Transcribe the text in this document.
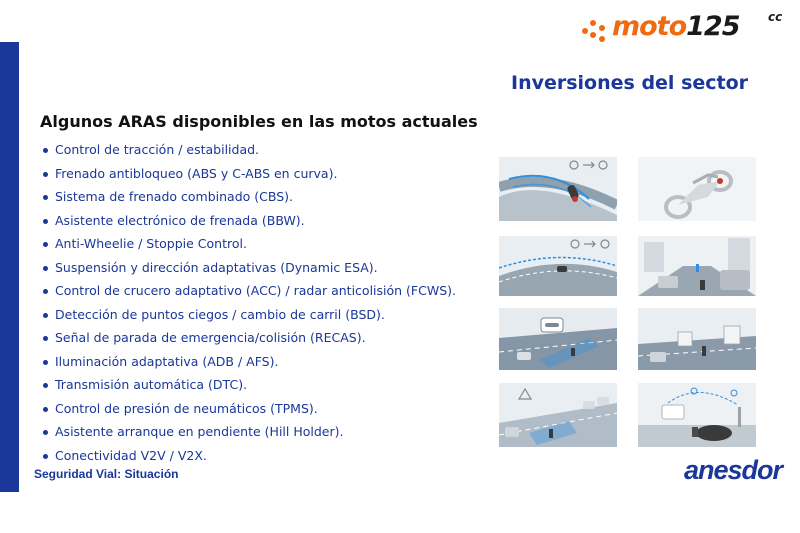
moto125 cc
Inversiones del sector
Algunos ARAS disponibles en las motos actuales
Control de tracción / estabilidad.
Frenado antibloqueo (ABS y C-ABS en curva).
Sistema de frenado combinado (CBS).
Asistente electrónico de frenada (BBW).
Anti-Wheelie / Stoppie Control.
Suspensión y dirección adaptativas (Dynamic ESA).
Control de crucero adaptativo (ACC) / radar anticolisión (FCWS).
Detección de puntos ciegos / cambio de carril (BSD).
Señal de parada de emergencia/colisión (RECAS).
Iluminación adaptativa (ADB / AFS).
Transmisión automática (DTC).
Control de presión de neumáticos (TPMS).
Asistente arranque en pendiente (Hill Holder).
Conectividad V2V / V2X.
Seguridad Vial: Situación	anesdor
